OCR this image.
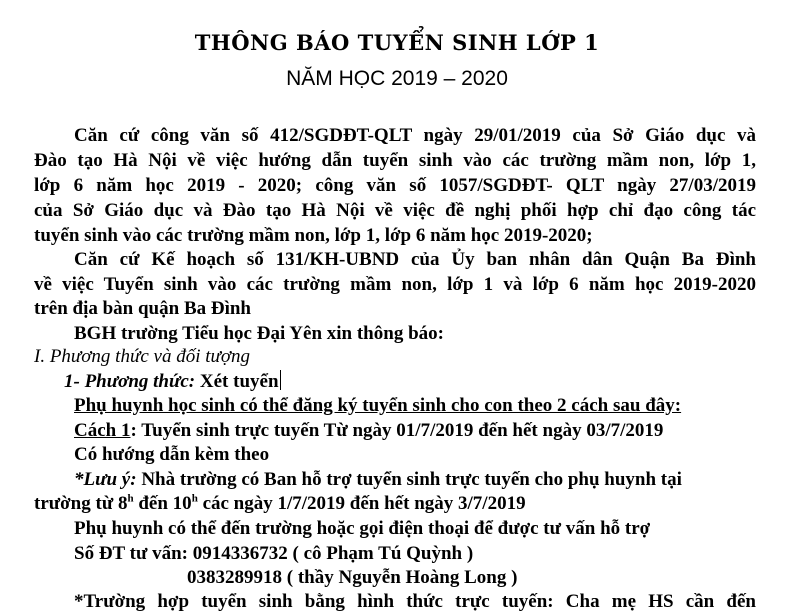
THÔNG BÁO TUYỂN SINH LỚP 1
NĂM HỌC 2019 – 2020
Căn cứ công văn số 412/SGDĐT-QLT ngày 29/01/2019 của Sở Giáo dục và
Đào tạo Hà Nội về việc hướng dẫn tuyển sinh vào các trường mầm non, lớp 1,
lớp 6 năm học 2019 - 2020; công văn số 1057/SGDĐT- QLT ngày 27/03/2019
của Sở Giáo dục và Đào tạo Hà Nội về việc đề nghị phối hợp chỉ đạo công tác
tuyển sinh vào các trường mầm non, lớp 1, lớp 6 năm học 2019-2020;
Căn cứ Kế hoạch số 131/KH-UBND của Ủy ban nhân dân Quận Ba Đình
về việc Tuyển sinh vào các trường mầm non, lớp 1 và lớp 6 năm học 2019-2020
trên địa bàn quận Ba Đình
BGH trường Tiểu học Đại Yên xin thông báo:
I. Phương thức và đối tượng
1- Phương thức: Xét tuyển
Phụ huynh học sinh có thể đăng ký tuyển sinh cho con theo 2 cách sau đây:
Cách 1: Tuyển sinh trực tuyến Từ ngày 01/7/2019 đến hết ngày 03/7/2019
Có hướng dẫn kèm theo
*Lưu ý: Nhà trường có Ban hỗ trợ tuyển sinh trực tuyến cho phụ huynh tại
trường từ 8$^h$ đến 10$^h$ các ngày 1/7/2019 đến hết ngày 3/7/2019
Phụ huynh có thể đến trường hoặc gọi điện thoại để được tư vấn hỗ trợ
Số ĐT tư vấn: 0914336732 ( cô Phạm Tú Quỳnh )
0383289918 ( thầy Nguyễn Hoàng Long )
*Trường hợp tuyển sinh bằng hình thức trực tuyến: Cha mẹ HS cần đến
